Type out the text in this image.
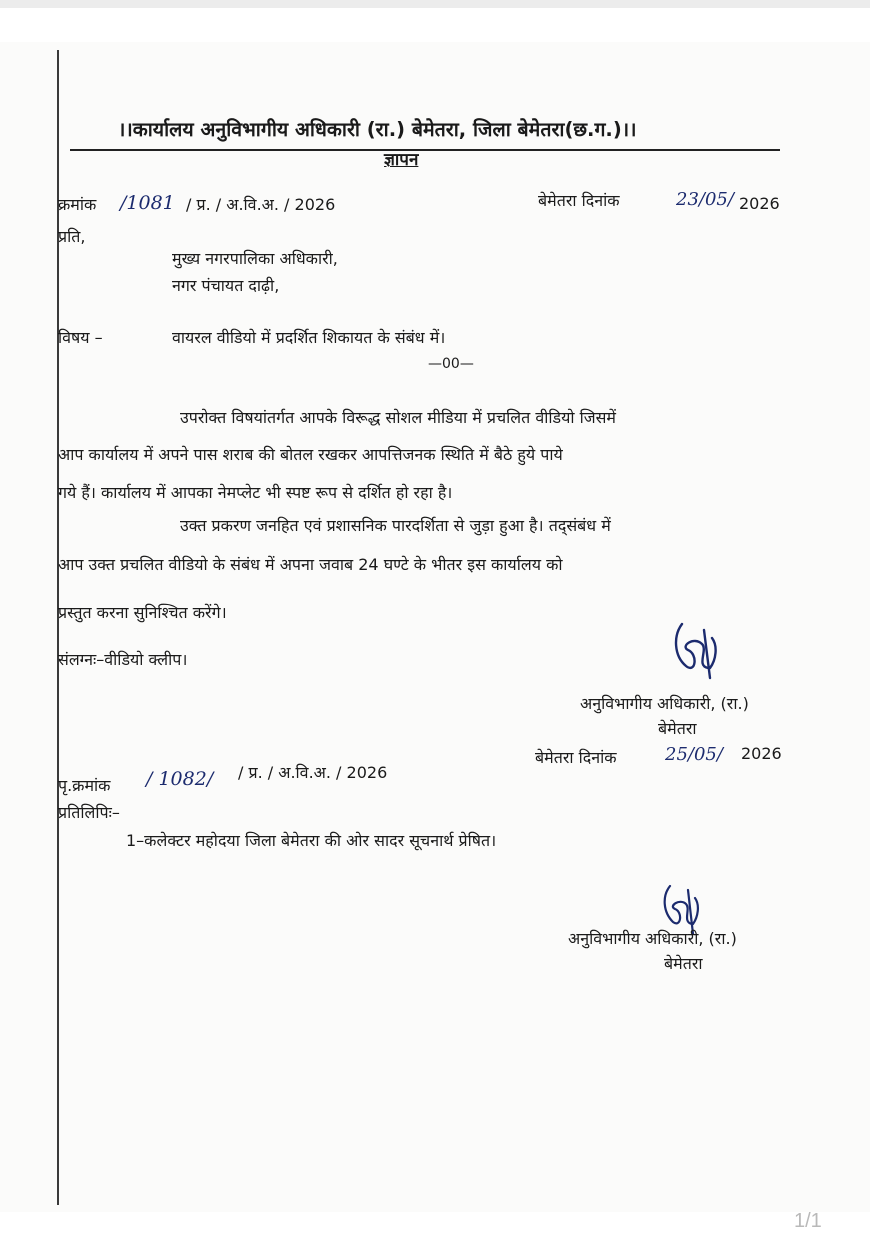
।।कार्यालय अनुविभागीय अधिकारी (रा.) बेमेतरा, जिला बेमेतरा(छ.ग.)।।
ज्ञापन
क्रमांक /1081 / प्र. / अ.वि.अ. / 2026	बेमेतरा दिनांक	23/05/ 2026
प्रति,
मुख्य नगरपालिका अधिकारी,
नगर पंचायत दाढ़ी,
विषय –	वायरल वीडियो में प्रदर्शित शिकायत के संबंध में।
—00—
उपरोक्त विषयांतर्गत आपके विरूद्ध सोशल मीडिया में प्रचलित वीडियो जिसमें
आप कार्यालय में अपने पास शराब की बोतल रखकर आपत्तिजनक स्थिति में बैठे हुये पाये
गये हैं। कार्यालय में आपका नेमप्लेट भी स्पष्ट रूप से दर्शित हो रहा है।
उक्त प्रकरण जनहित एवं प्रशासनिक पारदर्शिता से जुड़ा हुआ है। तद्संबंध में
आप उक्त प्रचलित वीडियो के संबंध में अपना जवाब 24 घण्टे के भीतर इस कार्यालय को
प्रस्तुत करना सुनिश्चित करेंगे।
संलग्नः–वीडियो क्लीप।
अनुविभागीय अधिकारी, (रा.)
बेमेतरा
बेमेतरा दिनांक	25/05/ 2026
पृ.क्रमांक / 1082/ / प्र. / अ.वि.अ. / 2026
प्रतिलिपिः–
1–कलेक्टर महोदया जिला बेमेतरा की ओर सादर सूचनार्थ प्रेषित।
अनुविभागीय अधिकारी, (रा.)
बेमेतरा
1/1
